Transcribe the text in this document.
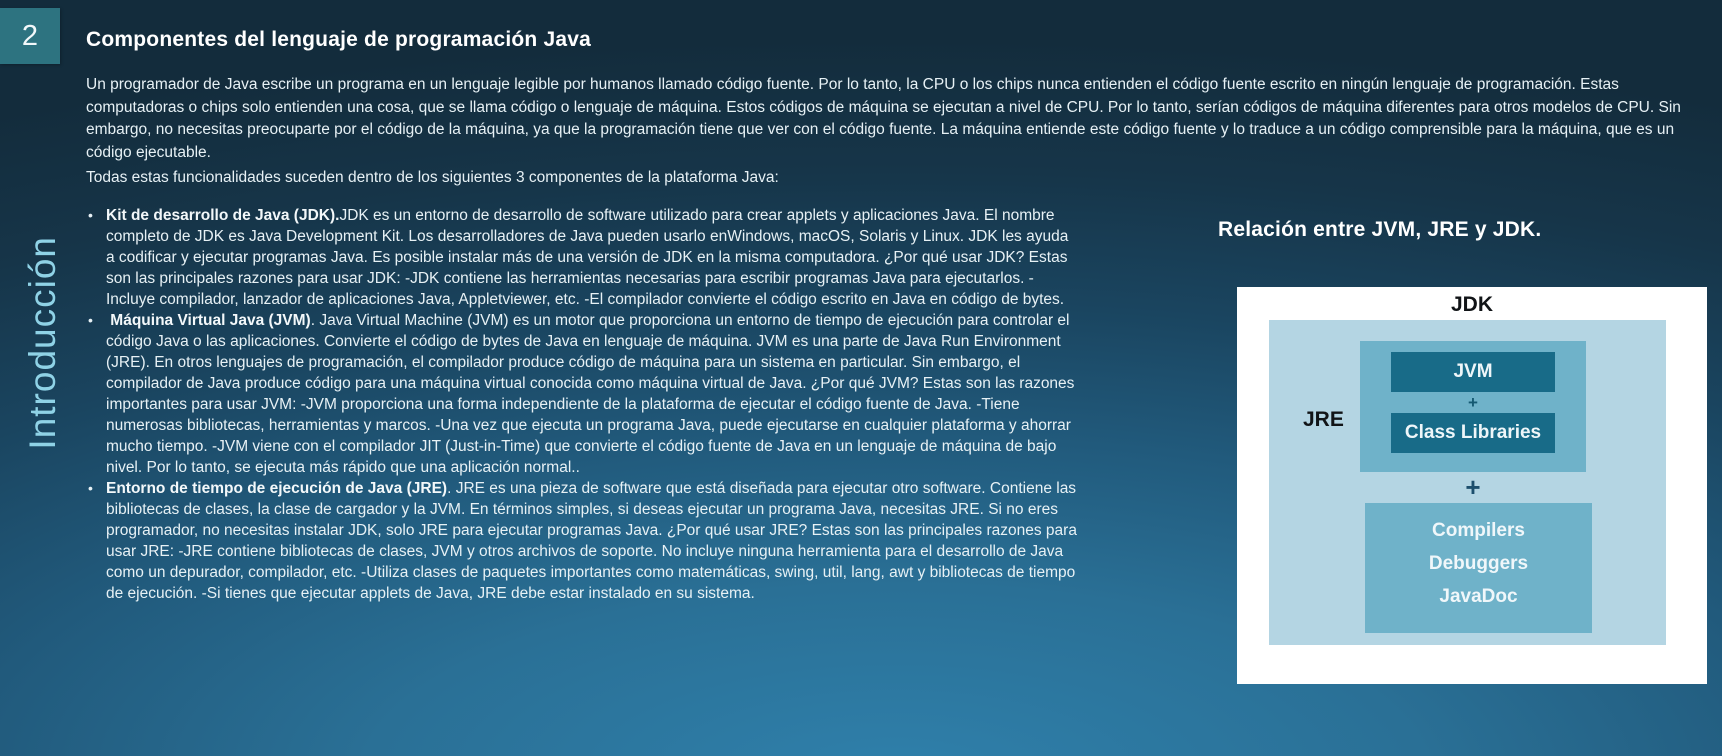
2 Componentes del lenguaje de programación Java
Un programador de Java escribe un programa en un lenguaje legible por humanos llamado código fuente. Por lo tanto, la CPU o los chips nunca entienden el código fuente escrito en ningún lenguaje de programación. Estas computadoras o chips solo entienden una cosa, que se llama código o lenguaje de máquina. Estos códigos de máquina se ejecutan a nivel de CPU. Por lo tanto, serían códigos de máquina diferentes para otros modelos de CPU. Sin embargo, no necesitas preocuparte por el código de la máquina, ya que la programación tiene que ver con el código fuente. La máquina entiende este código fuente y lo traduce a un código comprensible para la máquina, que es un código ejecutable.
Todas estas funcionalidades suceden dentro de los siguientes 3 componentes de la plataforma Java:
Introducción
• Kit de desarrollo de Java (JDK).JDK es un entorno de desarrollo de software utilizado para crear applets y aplicaciones Java. El nombre completo de JDK es Java Development Kit. Los desarrolladores de Java pueden usarlo enWindows, macOS, Solaris y Linux. JDK les ayuda a codificar y ejecutar programas Java. Es posible instalar más de una versión de JDK en la misma computadora. ¿Por qué usar JDK? Estas son las principales razones para usar JDK: -JDK contiene las herramientas necesarias para escribir programas Java para ejecutarlos. -Incluye compilador, lanzador de aplicaciones Java, Appletviewer, etc. -El compilador convierte el código escrito en Java en código de bytes.
• Máquina Virtual Java (JVM). Java Virtual Machine (JVM) es un motor que proporciona un entorno de tiempo de ejecución para controlar el código Java o las aplicaciones. Convierte el código de bytes de Java en lenguaje de máquina. JVM es una parte de Java Run Environment (JRE). En otros lenguajes de programación, el compilador produce código de máquina para un sistema en particular. Sin embargo, el compilador de Java produce código para una máquina virtual conocida como máquina virtual de Java. ¿Por qué JVM? Estas son las razones importantes para usar JVM: -JVM proporciona una forma independiente de la plataforma de ejecutar el código fuente de Java. -Tiene numerosas bibliotecas, herramientas y marcos. -Una vez que ejecuta un programa Java, puede ejecutarse en cualquier plataforma y ahorrar mucho tiempo. -JVM viene con el compilador JIT (Just-in-Time) que convierte el código fuente de Java en un lenguaje de máquina de bajo nivel. Por lo tanto, se ejecuta más rápido que una aplicación normal..
• Entorno de tiempo de ejecución de Java (JRE). JRE es una pieza de software que está diseñada para ejecutar otro software. Contiene las bibliotecas de clases, la clase de cargador y la JVM. En términos simples, si deseas ejecutar un programa Java, necesitas JRE. Si no eres programador, no necesitas instalar JDK, solo JRE para ejecutar programas Java. ¿Por qué usar JRE? Estas son las principales razones para usar JRE: -JRE contiene bibliotecas de clases, JVM y otros archivos de soporte. No incluye ninguna herramienta para el desarrollo de Java como un depurador, compilador, etc. -Utiliza clases de paquetes importantes como matemáticas, swing, util, lang, awt y bibliotecas de tiempo de ejecución. -Si tienes que ejecutar applets de Java, JRE debe estar instalado en su sistema.
Relación entre JVM, JRE y JDK.
JDK
JRE
JVM
+
Class Libraries
+
Compilers
Debuggers
JavaDoc
